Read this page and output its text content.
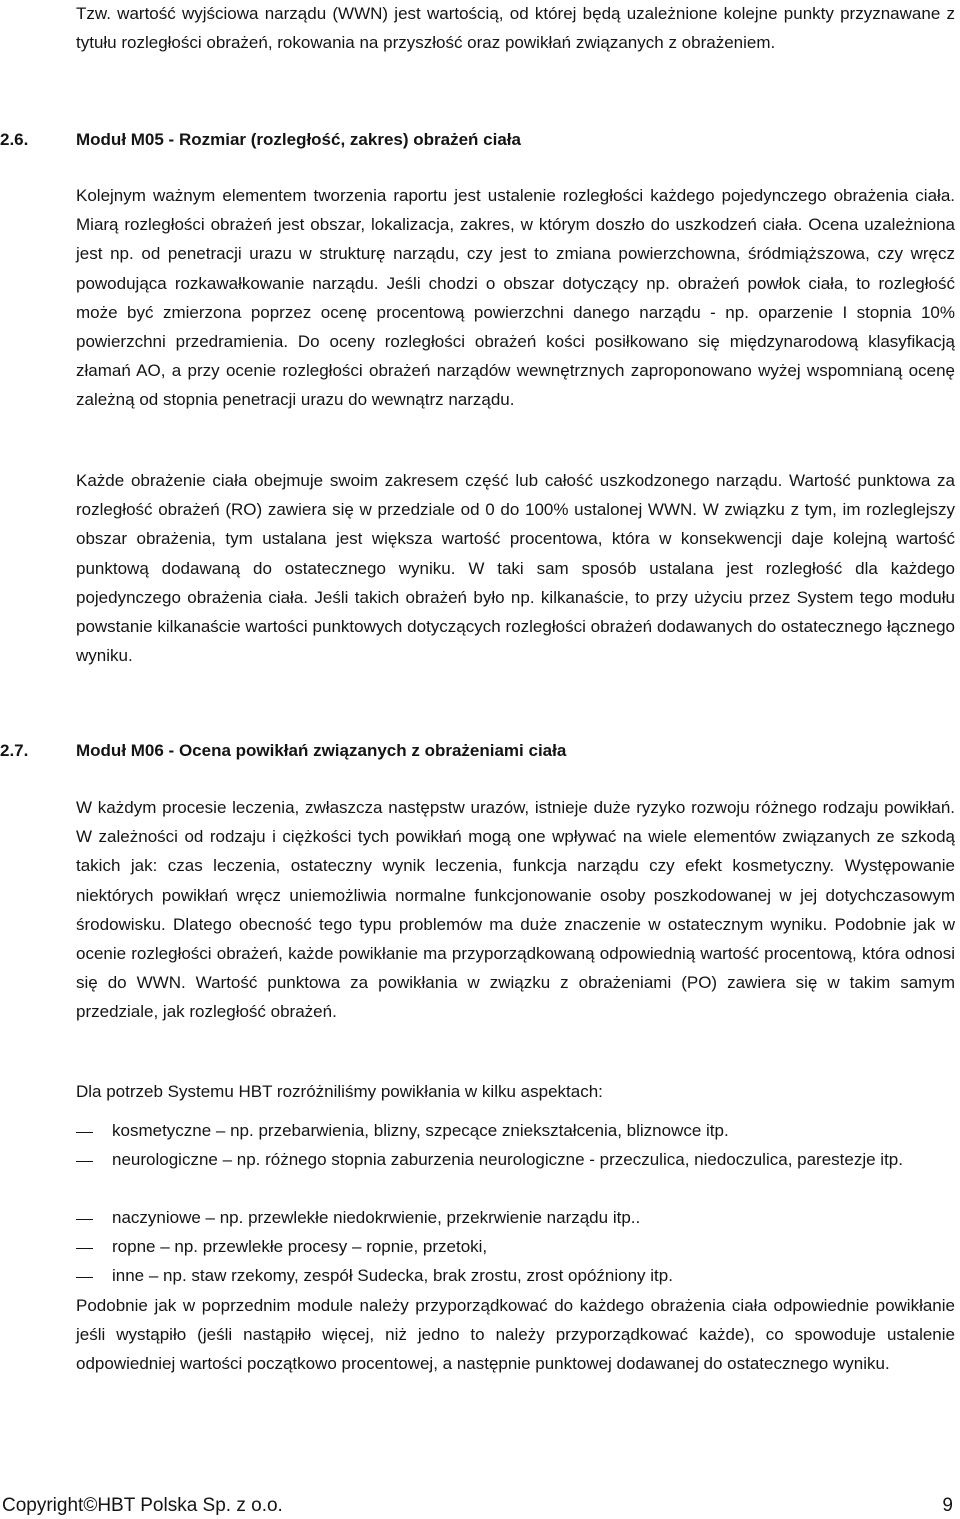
Tzw. wartość wyjściowa narządu (WWN) jest wartością, od której będą uzależnione kolejne punkty przyznawane z tytułu rozległości obrażeń, rokowania na przyszłość oraz powikłań związanych z obrażeniem.

2.6.	Moduł M05 - Rozmiar (rozległość, zakres) obrażeń ciała

Kolejnym ważnym elementem tworzenia raportu jest ustalenie rozległości każdego pojedynczego obrażenia ciała. Miarą rozległości obrażeń jest obszar, lokalizacja, zakres, w którym doszło do uszkodzeń ciała. Ocena uzależniona jest np. od penetracji urazu w strukturę narządu, czy jest to zmiana powierzchowna, śródmiąższowa, czy wręcz powodująca rozkawałkowanie narządu. Jeśli chodzi o obszar dotyczący np. obrażeń powłok ciała, to rozległość może być zmierzona poprzez ocenę procentową powierzchni danego narządu - np. oparzenie I stopnia 10% powierzchni przedramienia. Do oceny rozległości obrażeń kości posiłkowano się międzynarodową klasyfikacją złamań AO, a przy ocenie rozległości obrażeń narządów wewnętrznych zaproponowano wyżej wspomnianą ocenę zależną od stopnia penetracji urazu do wewnątrz narządu.

Każde obrażenie ciała obejmuje swoim zakresem część lub całość uszkodzonego narządu. Wartość punktowa za rozległość obrażeń (RO) zawiera się w przedziale od 0 do 100% ustalonej WWN. W związku z tym, im rozleglejszy obszar obrażenia, tym ustalana jest większa wartość procentowa, która w konsekwencji daje kolejną wartość punktową dodawaną do ostatecznego wyniku. W taki sam sposób ustalana jest rozległość dla każdego pojedynczego obrażenia ciała. Jeśli takich obrażeń było np. kilkanaście, to przy użyciu przez System tego modułu powstanie kilkanaście wartości punktowych dotyczących rozległości obrażeń dodawanych do ostatecznego łącznego wyniku.

2.7.	Moduł M06 - Ocena powikłań związanych z obrażeniami ciała

W każdym procesie leczenia, zwłaszcza następstw urazów, istnieje duże ryzyko rozwoju różnego rodzaju powikłań. W zależności od rodzaju i ciężkości tych powikłań mogą one wpływać na wiele elementów związanych ze szkodą takich jak: czas leczenia, ostateczny wynik leczenia, funkcja narządu czy efekt kosmetyczny. Występowanie niektórych powikłań wręcz uniemożliwia normalne funkcjonowanie osoby poszkodowanej w jej dotychczasowym środowisku. Dlatego obecność tego typu problemów ma duże znaczenie w ostatecznym wyniku. Podobnie jak w ocenie rozległości obrażeń, każde powikłanie ma przyporządkowaną odpowiednią wartość procentową, która odnosi się do WWN. Wartość punktowa za powikłania w związku z obrażeniami (PO) zawiera się w takim samym przedziale, jak rozległość obrażeń.

Dla potrzeb Systemu HBT rozróżniliśmy powikłania w kilku aspektach:

kosmetyczne – np. przebarwienia, blizny, szpecące zniekształcenia, bliznowce itp.

neurologiczne – np. różnego stopnia zaburzenia neurologiczne - przeczulica, niedoczulica, parestezje itp.

naczyniowe – np. przewlekłe niedokrwienie, przekrwienie narządu itp..

ropne – np. przewlekłe procesy – ropnie, przetoki,

inne – np. staw rzekomy, zespół Sudecka, brak zrostu, zrost opóźniony itp.

Podobnie jak w poprzednim module należy przyporządkować do każdego obrażenia ciała odpowiednie powikłanie jeśli wystąpiło (jeśli nastąpiło więcej, niż jedno to należy przyporządkować każde), co spowoduje ustalenie odpowiedniej wartości początkowo procentowej, a następnie punktowej dodawanej do ostatecznego wyniku.

Copyright©HBT Polska Sp. z o.o.	9
